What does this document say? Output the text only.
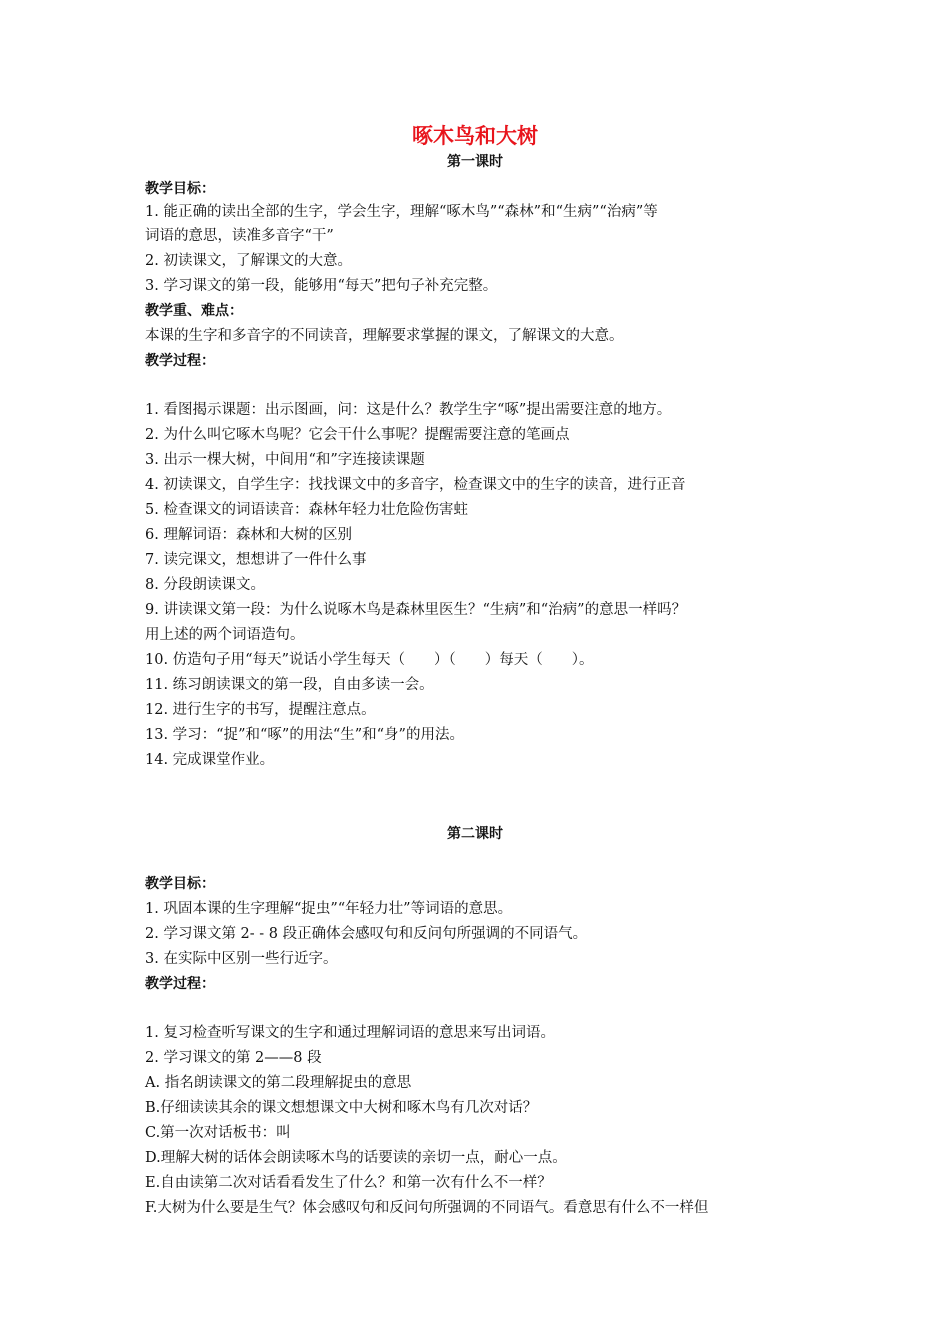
啄木鸟和大树
第一课时
教学目标：
1. 能正确的读出全部的生字，学会生字，理解“啄木鸟”“森林”和“生病”“治病”等
词语的意思，读准多音字“干”
2. 初读课文，了解课文的大意。
3. 学习课文的第一段，能够用“每天”把句子补充完整。
教学重、难点：
本课的生字和多音字的不同读音，理解要求掌握的课文，了解课文的大意。
教学过程：
1. 看图揭示课题：出示图画，问：这是什么？教学生字“啄”提出需要注意的地方。
2. 为什么叫它啄木鸟呢？它会干什么事呢？提醒需要注意的笔画点
3. 出示一棵大树，中间用“和”字连接读课题
4. 初读课文，自学生字：找找课文中的多音字，检查课文中的生字的读音，进行正音
5. 检查课文的词语读音：森林年轻力壮危险伤害蛀
6. 理解词语：森林和大树的区别
7. 读完课文，想想讲了一件什么事
8. 分段朗读课文。
9. 讲读课文第一段：为什么说啄木鸟是森林里医生？“生病”和“治病”的意思一样吗？
用上述的两个词语造句。
10. 仿造句子用“每天”说话小学生每天（　　）（　　）每天（　　）。
11. 练习朗读课文的第一段，自由多读一会。
12. 进行生字的书写，提醒注意点。
13. 学习：“捉”和“啄”的用法“生”和“身”的用法。
14. 完成课堂作业。
第二课时
教学目标：
1. 巩固本课的生字理解“捉虫”“年轻力壮”等词语的意思。
2. 学习课文第 2- - 8 段正确体会感叹句和反问句所强调的不同语气。
3. 在实际中区别一些行近字。
教学过程：
1. 复习检查听写课文的生字和通过理解词语的意思来写出词语。
2. 学习课文的第 2——8 段
A. 指名朗读课文的第二段理解捉虫的意思
B.仔细读读其余的课文想想课文中大树和啄木鸟有几次对话？
C.第一次对话板书：叫
D.理解大树的话体会朗读啄木鸟的话要读的亲切一点，耐心一点。
E.自由读第二次对话看看发生了什么？和第一次有什么不一样？
F.大树为什么要是生气？体会感叹句和反问句所强调的不同语气。看意思有什么不一样但
